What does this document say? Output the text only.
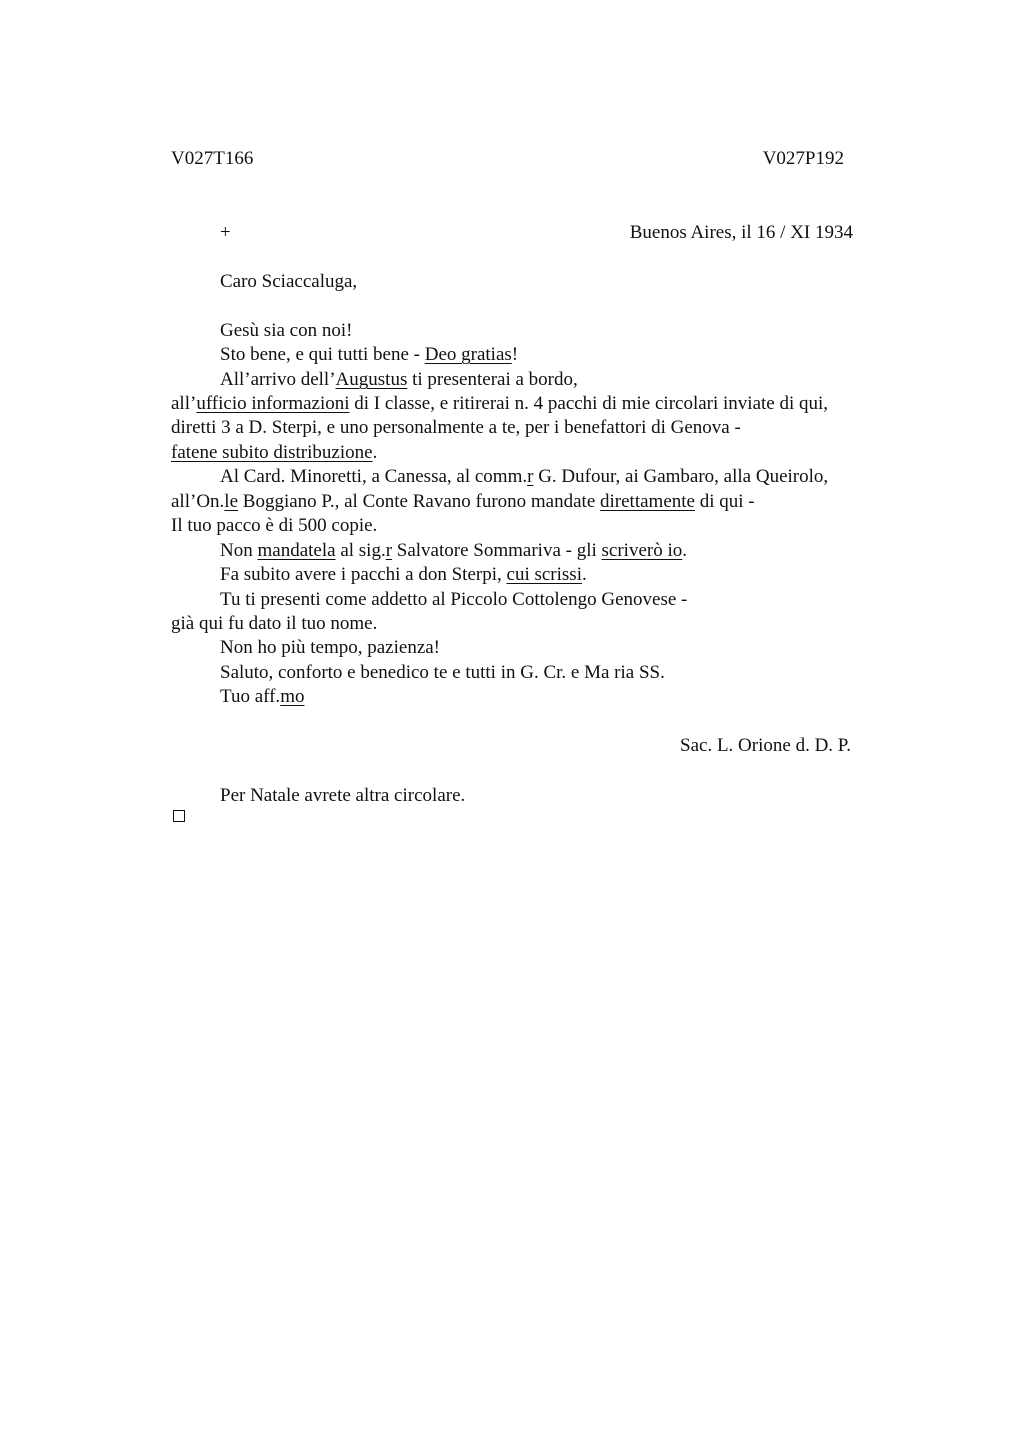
V027T166	V027P192
+	Buenos Aires, il 16 / XI 1934
Caro Sciaccaluga,
Gesù sia con noi!
Sto bene, e qui tutti bene - Deo gratias!
All’arrivo dell’Augustus ti presenterai a bordo,
all’ufficio informazioni di I classe, e ritirerai n. 4 pacchi di mie circolari inviate di qui,
diretti 3 a D. Sterpi, e uno personalmente a te, per i benefattori di Genova -
fatene subito distribuzione.
Al Card. Minoretti, a Canessa, al comm.r G. Dufour, ai Gambaro, alla Queirolo,
all’On.le Boggiano P., al Conte Ravano furono mandate direttamente di qui -
Il tuo pacco è di 500 copie.
Non mandatela al sig.r Salvatore Sommariva - gli scriverò io.
Fa subito avere i pacchi a don Sterpi, cui scrissi.
Tu ti presenti come addetto al Piccolo Cottolengo Genovese -
già qui fu dato il tuo nome.
Non ho più tempo, pazienza!
Saluto, conforto e benedico te e tutti in G. Cr. e Ma ria SS.
Tuo aff.mo
Sac. L. Orione d. D. P.
Per Natale avrete altra circolare.
